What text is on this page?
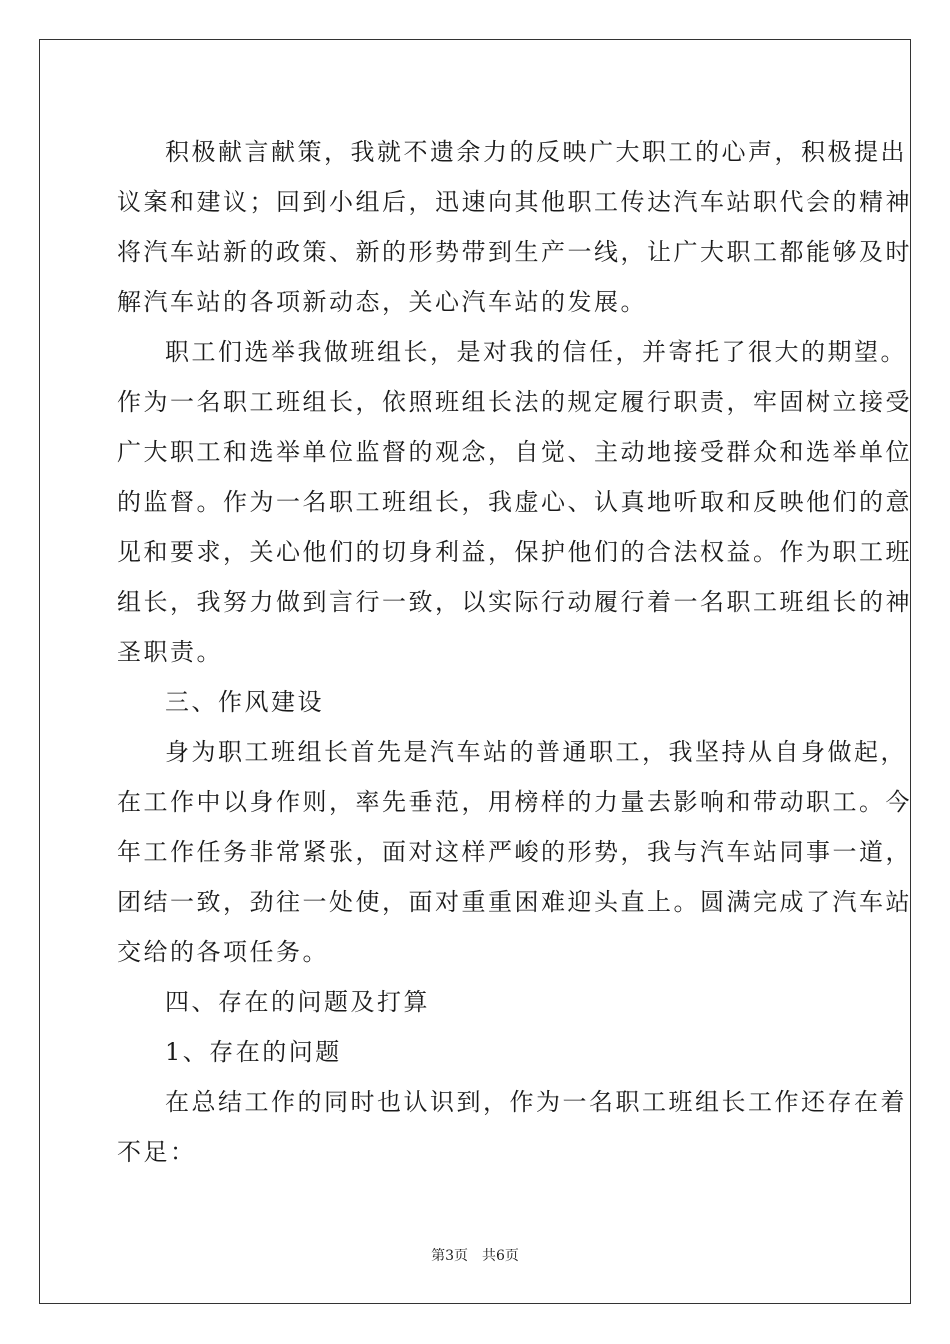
积极献言献策，我就不遗余力的反映广大职工的心声，积极提出
议案和建议；回到小组后，迅速向其他职工传达汽车站职代会的精神
将汽车站新的政策、新的形势带到生产一线，让广大职工都能够及时
解汽车站的各项新动态，关心汽车站的发展。
职工们选举我做班组长，是对我的信任，并寄托了很大的期望。
作为一名职工班组长，依照班组长法的规定履行职责，牢固树立接受
广大职工和选举单位监督的观念，自觉、主动地接受群众和选举单位
的监督。作为一名职工班组长，我虚心、认真地听取和反映他们的意
见和要求，关心他们的切身利益，保护他们的合法权益。作为职工班
组长，我努力做到言行一致，以实际行动履行着一名职工班组长的神
圣职责。
三、作风建设
身为职工班组长首先是汽车站的普通职工，我坚持从自身做起，
在工作中以身作则，率先垂范，用榜样的力量去影响和带动职工。今
年工作任务非常紧张，面对这样严峻的形势，我与汽车站同事一道，
团结一致，劲往一处使，面对重重困难迎头直上。圆满完成了汽车站
交给的各项任务。
四、存在的问题及打算
1、存在的问题
在总结工作的同时也认识到，作为一名职工班组长工作还存在着
不足：
第3页 共6页
